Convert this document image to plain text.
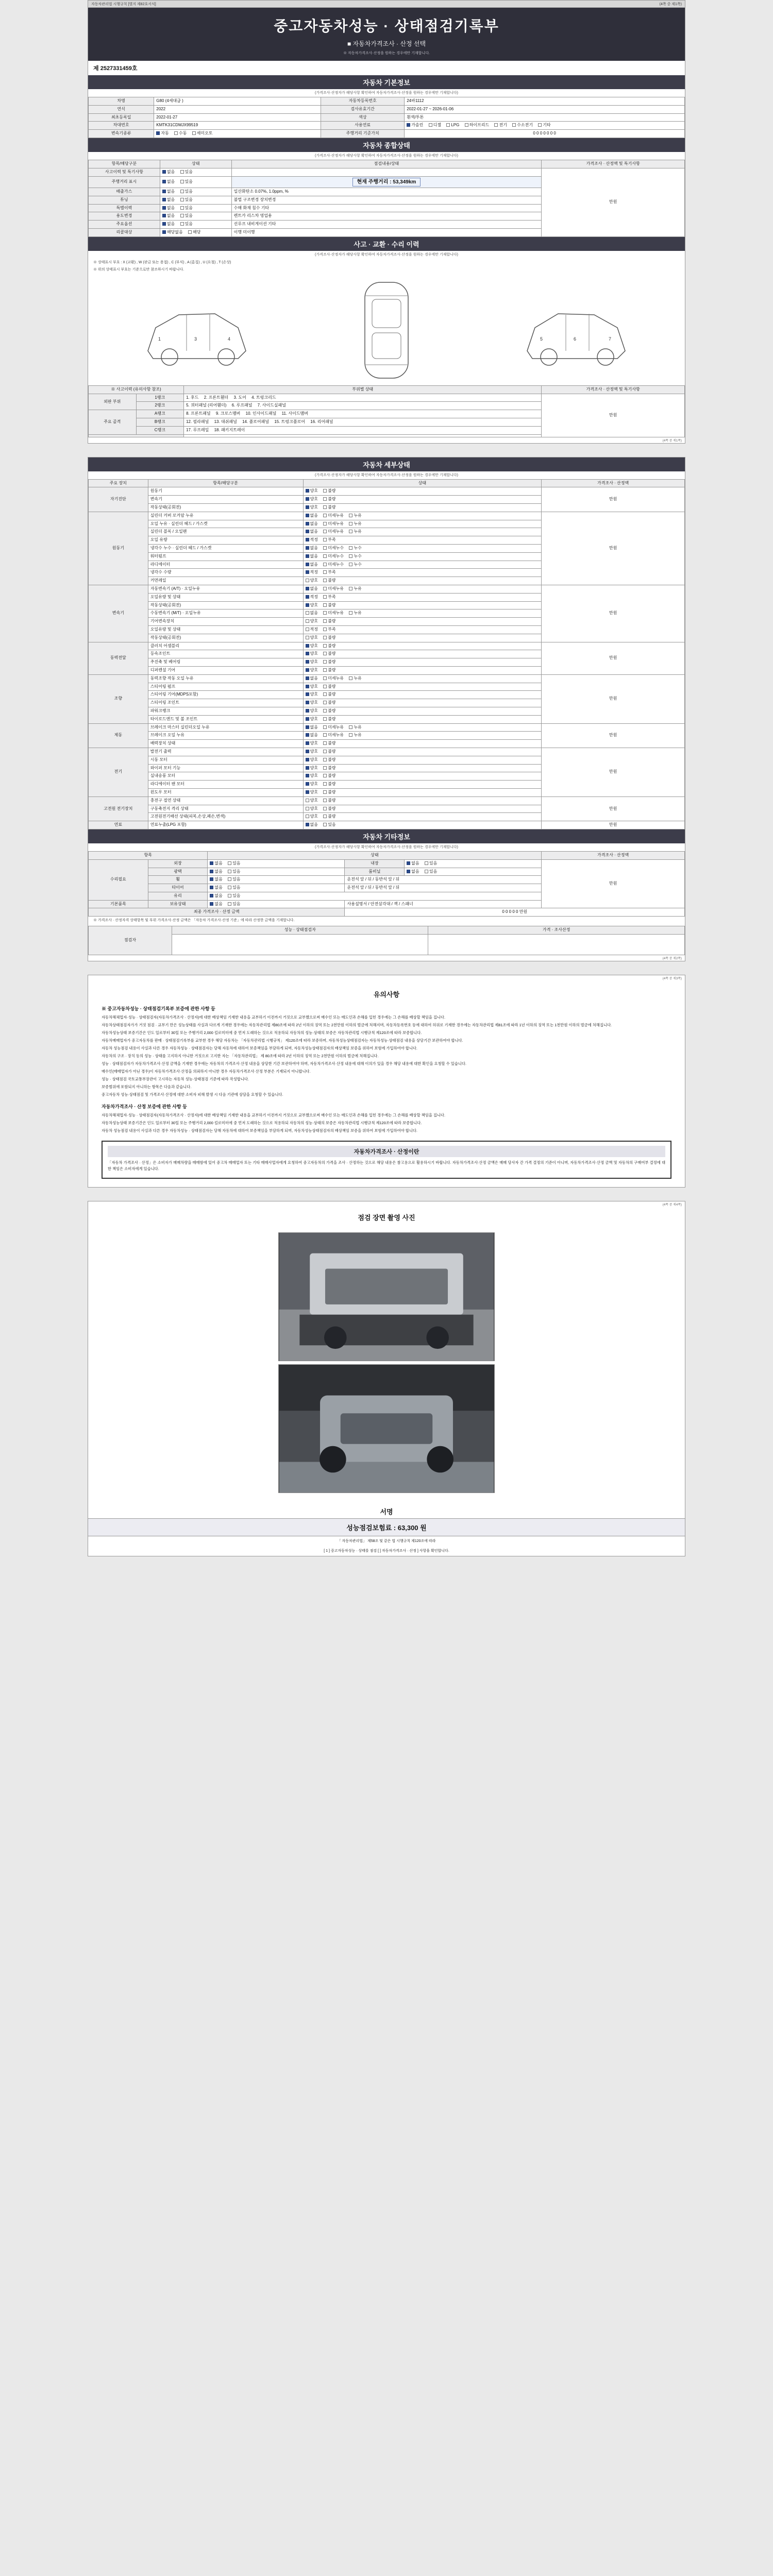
자동차관리법 시행규칙 [별지 제82호서식]	(4쪽 중 제1쪽)
중고자동차성능 · 상태점검기록부
■ 자동차가격조사 · 산정 선택
※ 자동차가격조사·산정을 원하는 경우에만 기재합니다.
제 2527331459호
자동차 기본정보
(가격조사·산정자가 해당사항 확인하여 자동차가격조사·산정을 원하는 경우에만 기재합니다)
차명	G80 (4세대급 )	자동차등록번호	24바1112
연식	2022	검사유효기간	2022-01-27 ~ 2026-01-06
최초등록일	2022-01-27	색상	흰색/투톤
차대번호	KMTK31CDMJX99519	사용연료	가솔린 디젤 LPG 하이브리드 전기 수소전기 기타
변속기종류	자동 수동 세미오토	주행거리 기준가치	0 0 0 0 0 0 0
자동차 종합상태
(가격조사·산정자가 해당사항 확인하여 자동차가격조사·산정을 원하는 경우에만 기재합니다)
항목/해당구분	상태	점검내용/상태	가격조사 · 산정액 및 특기사항
사고이력 및 특기사항	없음 있음		만원
주행거리 표시	없음 있음	현재 주행거리 : 53,349km	
배출가스	없음 있음	일산화탄소 0.07%, 1.0ppm, %	
튜닝	없음 있음	불법 구조변경 장치변경	
특별이력	없음 있음	수해 화재 침수 기타	
용도변경	없음 있음	렌트카 리스차 영업용	
주요옵션	없음 있음	선루프 내비게이션 기타	
리콜대상	해당없음 해당	이행 미이행	
사고 · 교환 · 수리 이력
(가격조사·산정자가 해당사항 확인하여 자동차가격조사·산정을 원하는 경우에만 기재합니다)
※ 상태표시 부호 : X (교환) , W (판금 또는 용접) , C (부식) , A (흠집) , U (요철) , T (손상)
※ 위의 상태표시 부호는 기준으로만 참조하시기 바랍니다.
1	3	4	5	6	7
※ 사고이력 (유의사항 참조)		부위별 상태	가격조사 · 산정액 및 특기사항
외판 부위	1랭크	1. 후드 2. 프론트휀더 3. 도어 4. 트렁크리드	만원
	2랭크	5. 쿼터패널 (리어휀더) 6. 루프패널 7. 사이드실패널	
주요 골격	A랭크	8. 프론트패널 9. 크로스맴버 10. 인사이드패널 11. 사이드맴버	
	B랭크	12. 필라패널 13. 대쉬패널 14. 플로어패널 15. 트렁크플로어 16. 리어패널	
	C랭크	17. 루프레일 18. 패키지트레이	

(4쪽 중 제1쪽)
자동차 세부상태
(가격조사·산정자가 해당사항 확인하여 자동차가격조사·산정을 원하는 경우에만 기재합니다)
주요 장치	항목/해당구분	상태	가격조사 · 산정액
자기진단	원동기	양호 불량	만원
	변속기	양호 불량	
	작동상태(공회전)	양호 불량	
원동기	실린더 커버 로커암 누유	없음 미세누유 누유	만원
	오일 누유 · 실린더 헤드 / 가스켓	없음 미세누유 누유	
	실린더 블록 / 오일팬	없음 미세누유 누유	
	오일 유량	적정 부족	
	냉각수 누수 · 실린더 헤드 / 가스켓	없음 미세누수 누수	
	워터펌프	없음 미세누수 누수	
	라디에이터	없음 미세누수 누수	
	냉각수 수량	적정 부족	
	커먼레일	양호 불량	
변속기	자동변속기 (A/T) · 오일누유	없음 미세누유 누유	만원
	오일유량 및 상태	적정 부족	
	작동상태(공회전)	양호 불량	
	수동변속기 (M/T) · 오일누유	없음 미세누유 누유	
	기어변속장치	양호 불량	
	오일유량 및 상태	적정 부족	
	작동상태(공회전)	양호 불량	
동력전달	클러치 어셈블리	양호 불량	만원
	등속조인트	양호 불량	
	추진축 및 베어링	양호 불량	
	디퍼렌셜 기어	양호 불량	
조향	동력조향 작동 오일 누유	없음 미세누유 누유	만원
	스티어링 펌프	양호 불량	
	스티어링 기어(MDPS포함)	양호 불량	
	스티어링 조인트	양호 불량	
	파워크랭크	양호 불량	
	타이로드엔드 및 볼 조인트	양호 불량	
제동	브레이크 마스터 실린더오일 누유	없음 미세누유 누유	만원
	브레이크 오일 누유	없음 미세누유 누유	
	배력장치 상태	양호 불량	
전기	발전기 출력	양호 불량	만원
	시동 모터	양호 불량	
	와이퍼 모터 기능	양호 불량	
	실내송풍 모터	양호 불량	
	라디에이터 팬 모터	양호 불량	
	윈도우 모터	양호 불량	
고전원 전기장치	충전구 절연 상태	양호 불량	만원
	구동축전지 격리 상태	양호 불량	
	고전원전기배선 상태(피복,손상,폐손,변색)	양호 불량	
연료	연료누출(LPG 포함)	없음 있음	만원
자동차 기타정보
(가격조사·산정자가 해당사항 확인하여 자동차가격조사·산정을 원하는 경우에만 기재합니다)
항목		상태			가격조사 · 산정액
수리필요	외장	없음 있음	내장	없음 있음	만원
	광택	없음 있음	룸비닐	없음 있음	
	휠	없음 있음	운전석 앞 / 뒤 / 동반석 앞 / 뒤		
	타이어	없음 있음	운전석 앞 / 뒤 / 동반석 앞 / 뒤		
	유리	없음 있음			
기본품목	보유상태	없음 있음	사용설명서 / 안전삼각대 / 잭 / 스패너		
최종 가격조사 · 산정 금액			0 0 0 0 0 만원		
※ 가격조사 · 산정자격 상태항목 및 부위 가격조사·산정 금액은 「자동차 가격조사·산정 기준」에 따라 산정한 금액을 기재합니다.
점검자	성능 · 상태점검자	가격 · 조사산정

(4쪽 중 제2쪽)
(4쪽 중 제3쪽)
유의사항
※ 중고자동차성능 · 상태점검기록부 보증에 관한 사항 등

자동차해체업자·성능 · 상태점검자(자동차가격조사 · 산정자)에 대한 배상책임 기재한 내용을 교부하기 이전까지 거짓으로 교부했으로써 매수인 또는 매도인과 손해를 입힌 경우에는 그 손해를 배상할 책임을 집니다.

자동차상태점검자가가 거짓 점검 · 교부기 만은 성능상태를 사실과 다르게 기재한 경우에는 자동차관리법 제80조에 따라 2년 이하의 징역 또는 2천만원 이하의 벌금에 처해지며, 자동차등록번호 등에 대하여 허위로 기재한 경우에는 자동차관리법 제81조에 따라 1년 이하의 징역 또는 1천만원 이하의 벌금에 처해집니다.

자동차성능상태 보증기간은 인도 일로부터 30일 또는 주행거리 2,000 킬로미터에 중 먼저 도래하는 것으로 적용하되 자동차의 성능·상태의 보증은 자동차관리법 시행규칙 제120조에 따라 보증합니다.

자동차매매업자가 중고자동차를 판매 · 상태점검기록부를 교부한 경우 해당 자동차는 「자동차관리법 시행규칙」 제120조에 따라 보증하며, 자동차성능상태점검자는 자동차성능·상태점검 내용을 상당기간 보관하여야 합니다.

자동차 성능점검 내용이 사실과 다른 경우 자동차성능 · 상태점검자는 당해 자동차에 대하여 보증책임을 부담하게 되며, 자동차성능상태점검자의 배상책임 보증을 위하여 보험에 가입하여야 합니다.

자동차의 구조 · 장치 등의 성능 · 상태를 고지하지 아니한 거짓으로 고지한 자는 「자동차관리법」 제 80조에 따라 2년 이하의 징역 또는 2천만원 이하의 벌금에 처해집니다.

성능 · 상태점검자가 자동차가격조사·산정 금액을 기재한 경우에는 자동차의 가격조사·산정 내용을 상당한 기간 보관하여야 하며, 자동차가격조사·산정 내용에 대해 이의가 있을 경우 해당 내용에 대한 확인을 요청할 수 있습니다.

매수인(매매업자가 아닌 경우)이 자동차가격조사·산정을 의뢰하지 아니한 경우 자동차가격조사·산정 부분은 기재되지 아니합니다.

성능 · 상태점검 국토교통부장관이 고시하는 자동차 성능·상태점검 기준에 따라 작성합니다.

보증범위에 포함되지 아니하는 항목은 다음과 같습니다.

중고자동차 성능·상태점검 및 가격조사·산정에 대한 소비자 피해 발생 시 다음 기관에 상담을 요청할 수 있습니다.

자동차가격조사 · 산정 보증에 관한 사항 등

자동차해체업자·성능 · 상태점검자(자동차가격조사 · 산정자)에 대한 배상책임 기재한 내용을 교부하기 이전까지 거짓으로 교부했으로써 매수인 또는 매도인과 손해를 입힌 경우에는 그 손해를 배상할 책임을 집니다.

자동차성능상태 보증기간은 인도 일로부터 30일 또는 주행거리 2,000 킬로미터에 중 먼저 도래하는 것으로 적용하되 자동차의 성능·상태의 보증은 자동차관리법 시행규칙 제120조에 따라 보증합니다.

자동차 성능점검 내용이 사실과 다른 경우 자동차성능 · 상태점검자는 당해 자동차에 대하여 보증책임을 부담하게 되며, 자동차성능상태점검자의 배상책임 보증을 위하여 보험에 가입하여야 합니다.

자동차가격조사 · 산정이란

「자동차 가격조사 · 산정」은 소비자가 매매차량을 매매함에 있어 중고차 매매업자 또는 기타 매매사업자에게 요청하여 중고자동차의 가격을 조사 · 산정하는 것으로 해당 내용은 참고용으로 활용하시기 바랍니다. 자동차가격조사·산정 금액은 매매 당사자 간 가격 결정의 기준이 아니며, 자동차가격조사·산정 금액 및 자동차의 구매여부 결정에 대한 책임은 소비자에게 있습니다.

(4쪽 중 제4쪽)
점검 장면 촬영 사진
서명
성능점검보험료 : 63,300 원
「 자동차관리법」 제58조 및 같은 법 시행규칙 제120조에 따라
[ 1 ] 중고자동차성능 · 상태를 점검 [ ] 자동차가격조사 · 산정 ] 사항을 확인합니다.
